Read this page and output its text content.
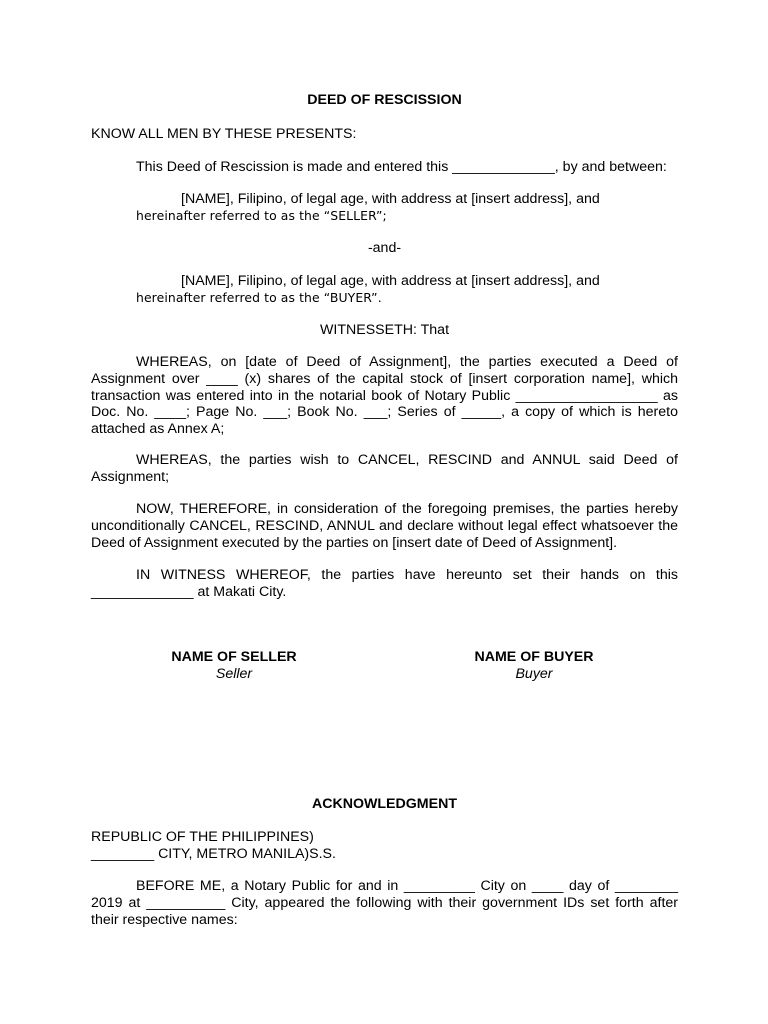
DEED OF RESCISSION

KNOW ALL MEN BY THESE PRESENTS:

This Deed of Rescission is made and entered this _____________, by and between:

[NAME], Filipino, of legal age, with address at [insert address], and

hereinafter referred to as the “SELLER”;

-and-

[NAME], Filipino, of legal age, with address at [insert address], and

hereinafter referred to as the “BUYER”.

WITNESSETH: That

WHEREAS, on [date of Deed of Assignment], the parties executed a Deed of Assignment over ____ (x) shares of the capital stock of [insert corporation name], which transaction was entered into in the notarial book of Notary Public __________________ as Doc. No. ____; Page No. ___; Book No. ___; Series of _____, a copy of which is hereto attached as Annex A;

WHEREAS, the parties wish to CANCEL, RESCIND and ANNUL said Deed of Assignment;

NOW, THEREFORE, in consideration of the foregoing premises, the parties hereby unconditionally CANCEL, RESCIND, ANNUL and declare without legal effect whatsoever the Deed of Assignment executed by the parties on [insert date of Deed of Assignment].

IN WITNESS WHEREOF, the parties have hereunto set their hands on this _____________ at Makati City.

NAME OF SELLER
Seller
NAME OF BUYER
Buyer

ACKNOWLEDGMENT

REPUBLIC OF THE PHILIPPINES)

________ CITY, METRO MANILA)S.S.

BEFORE ME, a Notary Public for and in _________ City on ____ day of ________ 2019 at __________ City, appeared the following with their government IDs set forth after their respective names:
